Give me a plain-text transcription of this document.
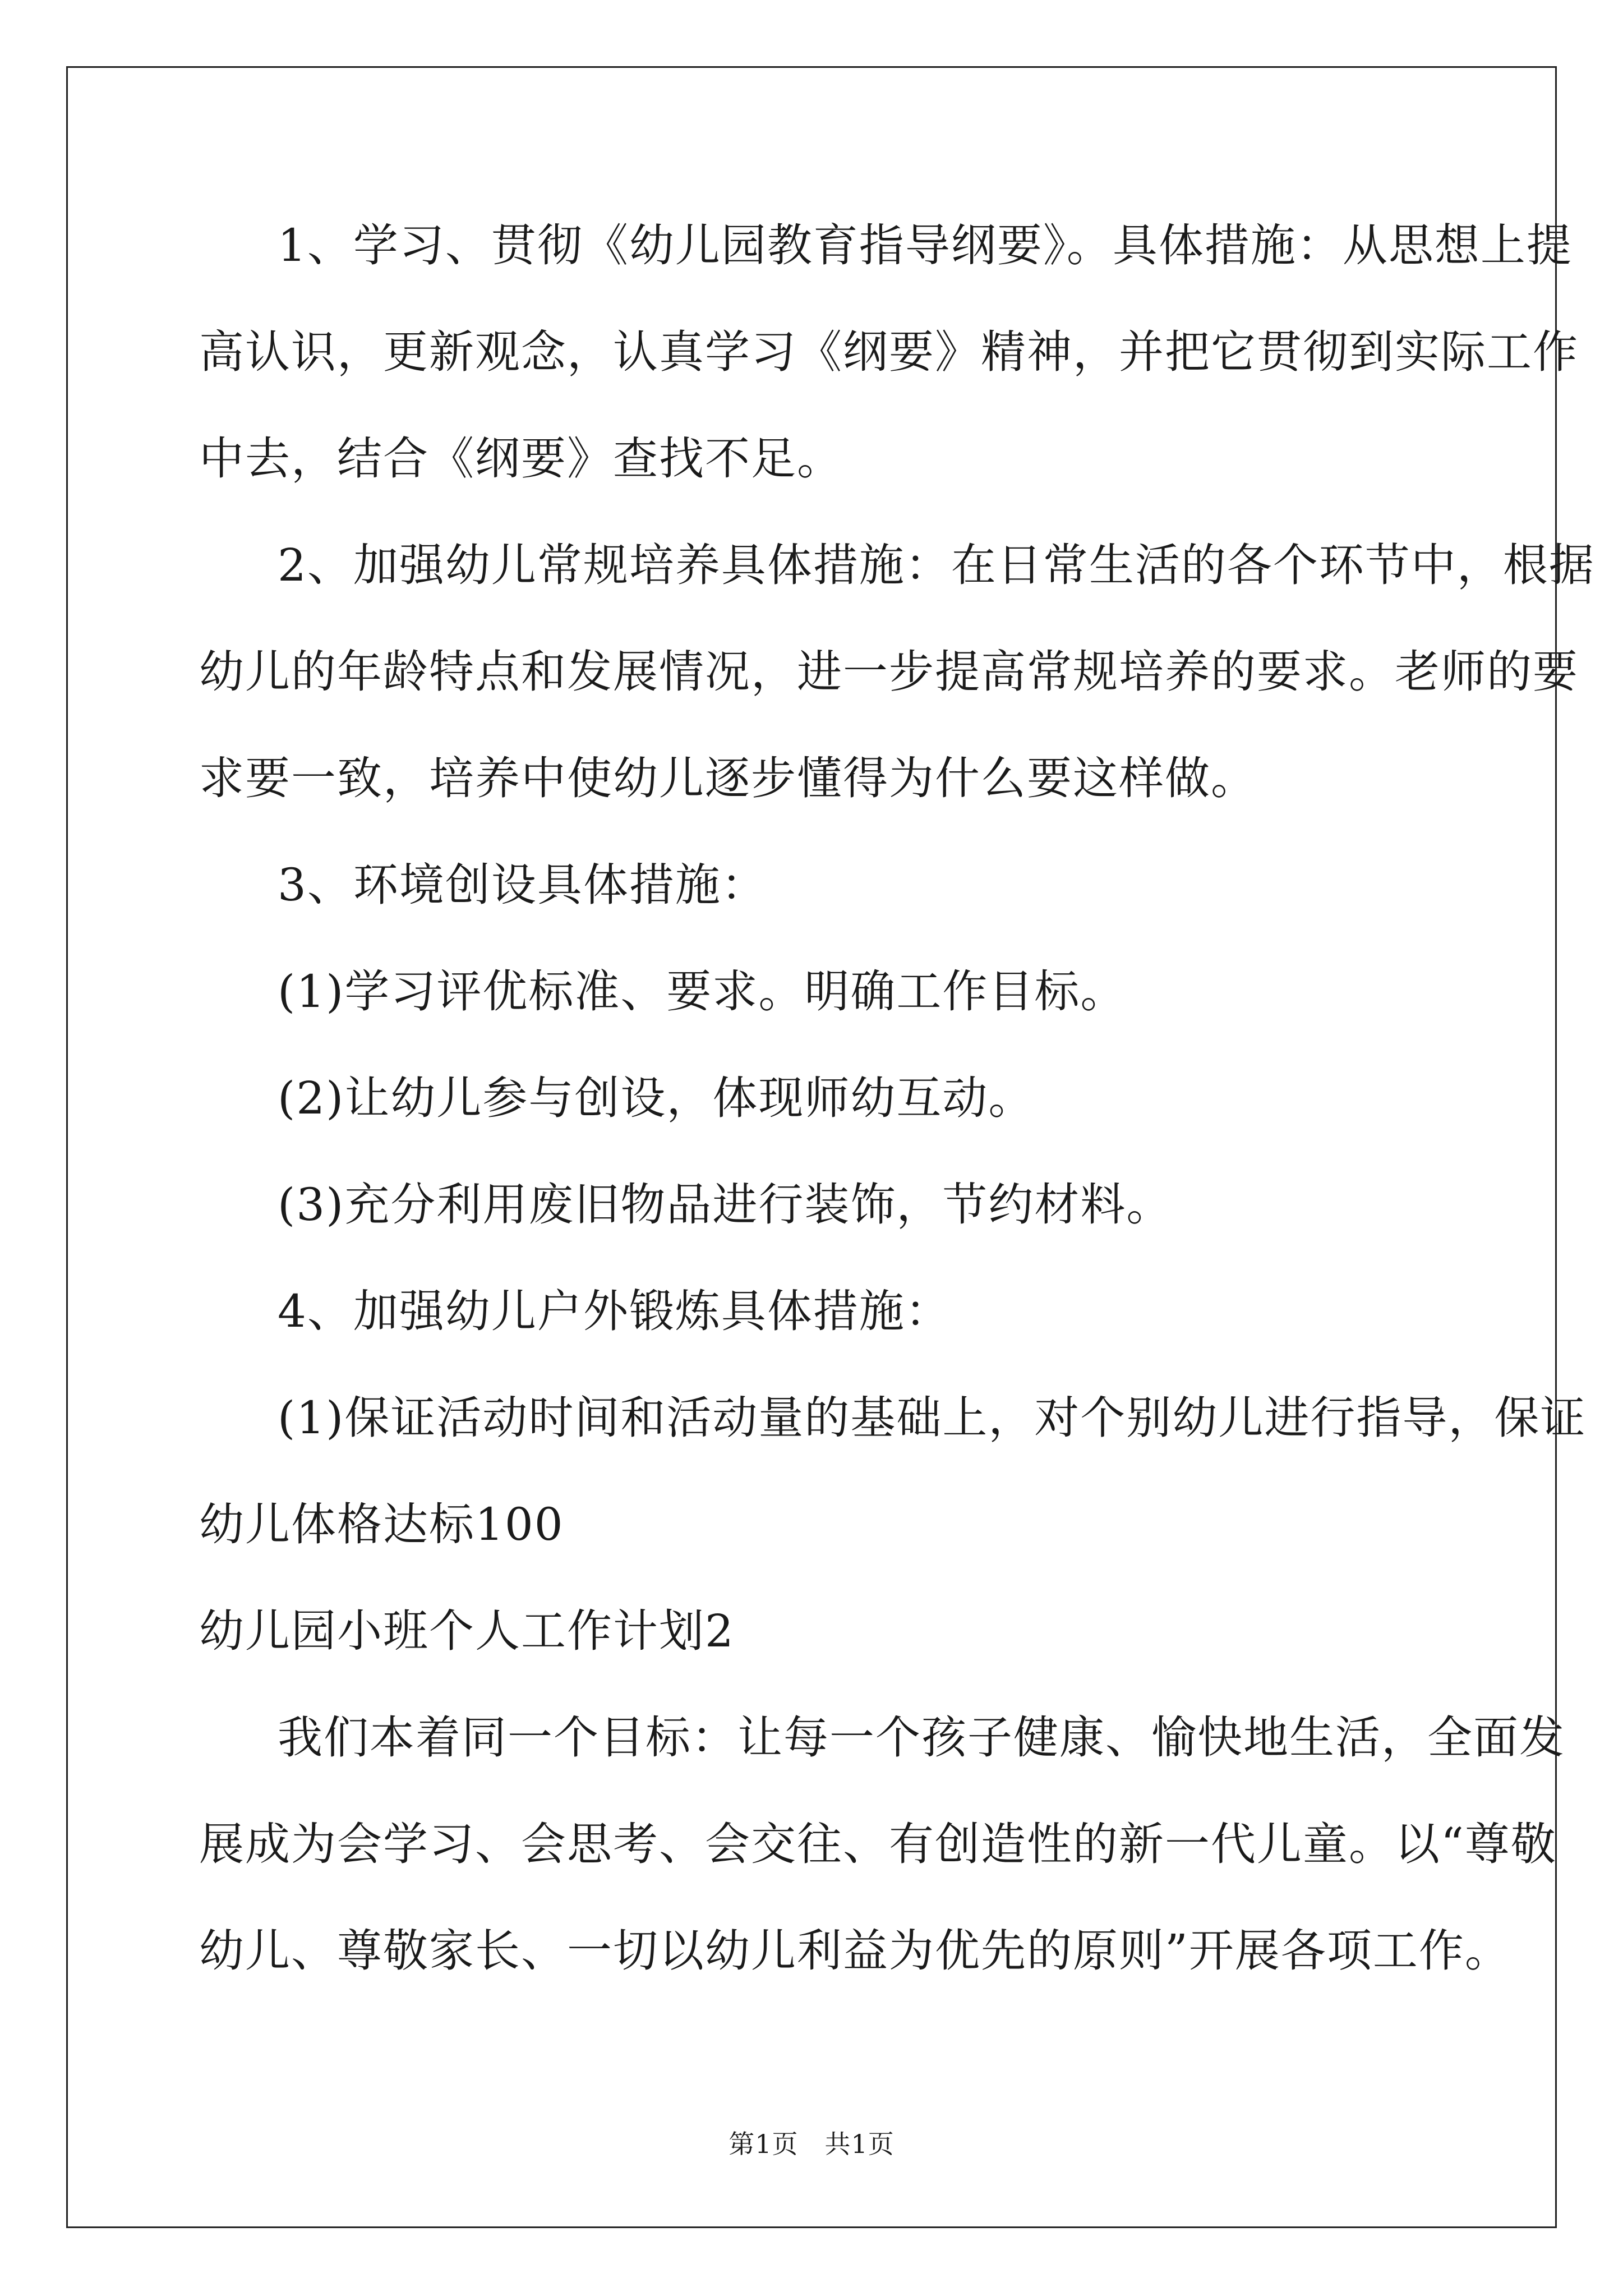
1、学习、贯彻《幼儿园教育指导纲要》。具体措施：从思想上提
高认识，更新观念，认真学习《纲要》精神，并把它贯彻到实际工作
中去，结合《纲要》查找不足。
2、加强幼儿常规培养具体措施：在日常生活的各个环节中，根据
幼儿的年龄特点和发展情况，进一步提高常规培养的要求。老师的要
求要一致，培养中使幼儿逐步懂得为什么要这样做。
3、环境创设具体措施：
(1)学习评优标准、要求。明确工作目标。
(2)让幼儿参与创设，体现师幼互动。
(3)充分利用废旧物品进行装饰，节约材料。
4、加强幼儿户外锻炼具体措施：
(1)保证活动时间和活动量的基础上，对个别幼儿进行指导，保证
幼儿体格达标100
幼儿园小班个人工作计划2
我们本着同一个目标：让每一个孩子健康、愉快地生活，全面发
展成为会学习、会思考、会交往、有创造性的新一代儿童。以“尊敬
幼儿、尊敬家长、一切以幼儿利益为优先的原则”开展各项工作。
第1页　共1页
